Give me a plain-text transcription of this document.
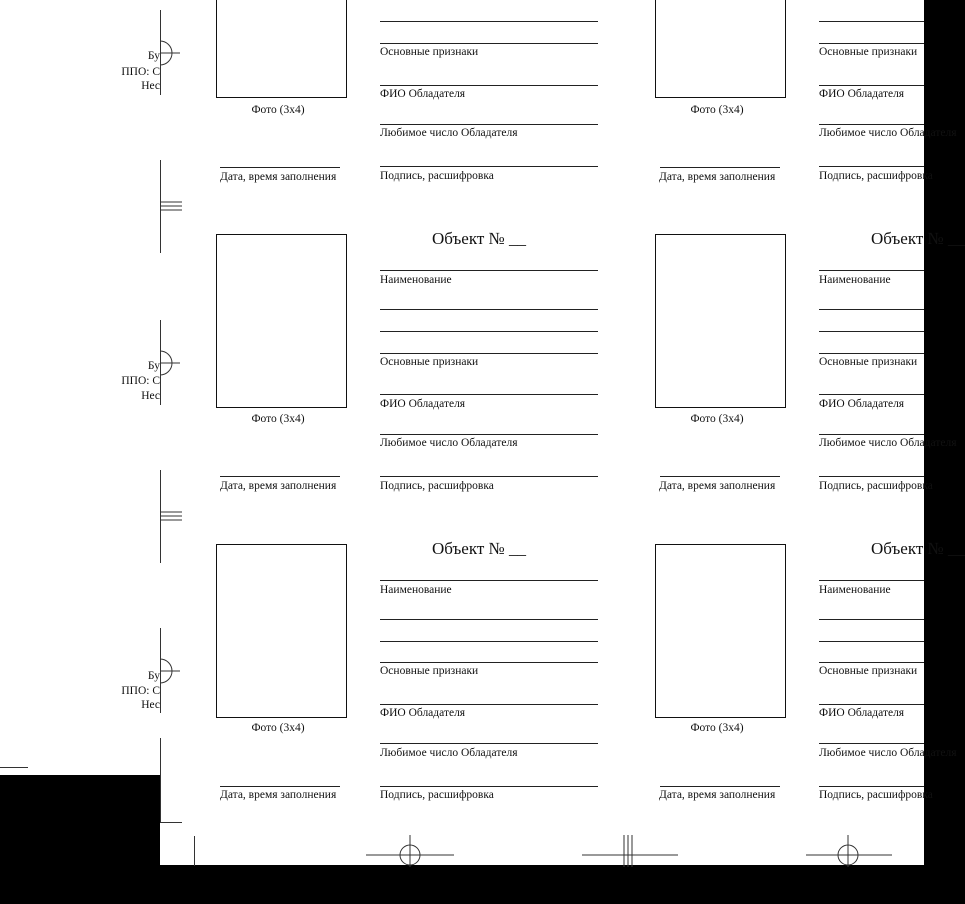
Бу
ППО: С
Нес
Бу
ППО: С
Нес
Бу
ППО: С
Нес
Фото (3x4)
Дата, время заполнения
Основные признаки
ФИО Обладателя
Любимое число Обладателя
Подпись, расшифровка
Фото (3x4)
Дата, время заполнения
Основные признаки
ФИО Обладателя
Любимое число Обладателя
Подпись, расшифровка
Фото (3x4)
Дата, время заполнения
Объект № __
Наименование
Основные признаки
ФИО Обладателя
Любимое число Обладателя
Подпись, расшифровка
Фото (3x4)
Дата, время заполнения
Объект № __
Наименование
Основные признаки
ФИО Обладателя
Любимое число Обладателя
Подпись, расшифровка
Фото (3x4)
Дата, время заполнения
Объект № __
Наименование
Основные признаки
ФИО Обладателя
Любимое число Обладателя
Подпись, расшифровка
Фото (3x4)
Дата, время заполнения
Объект № __
Наименование
Основные признаки
ФИО Обладателя
Любимое число Обладателя
Подпись, расшифровка
